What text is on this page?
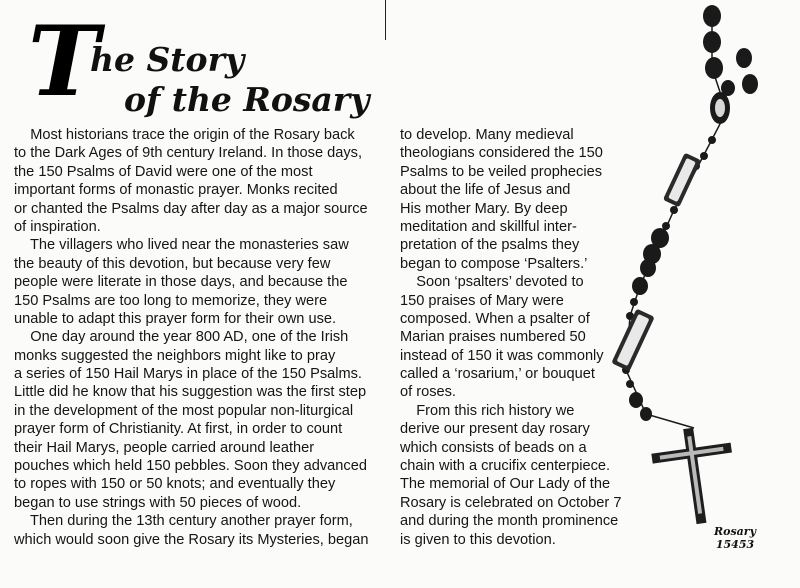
T
he Story
of the Rosary
Most historians trace the origin of the Rosary back
to the Dark Ages of 9th century Ireland. In those days,
the 150 Psalms of David were one of the most
important forms of monastic prayer. Monks recited
or chanted the Psalms day after day as a major source
of inspiration.
The villagers who lived near the monasteries saw
the beauty of this devotion, but because very few
people were literate in those days, and because the
150 Psalms are too long to memorize, they were
unable to adapt this prayer form for their own use.
One day around the year 800 AD, one of the Irish
monks suggested the neighbors might like to pray
a series of 150 Hail Marys in place of the 150 Psalms.
Little did he know that his suggestion was the first step
in the development of the most popular non-liturgical
prayer form of Christianity. At first, in order to count
their Hail Marys, people carried around leather
pouches which held 150 pebbles. Soon they advanced
to ropes with 150 or 50 knots; and eventually they
began to use strings with 50 pieces of wood.
Then during the 13th century another prayer form,
which would soon give the Rosary its Mysteries, began
to develop. Many medieval
theologians considered the 150
Psalms to be veiled prophecies
about the life of Jesus and
His mother Mary. By deep
meditation and skillful inter-
pretation of the psalms they
began to compose ‘Psalters.’
Soon ‘psalters’ devoted to
150 praises of Mary were
composed. When a psalter of
Marian praises numbered 50
instead of 150 it was commonly
called a ‘rosarium,’ or bouquet
of roses.
From this rich history we
derive our present day rosary
which consists of beads on a
chain with a crucifix centerpiece.
The memorial of Our Lady of the
Rosary is celebrated on October 7
and during the month prominence
is given to this devotion.
Rosary
15453
